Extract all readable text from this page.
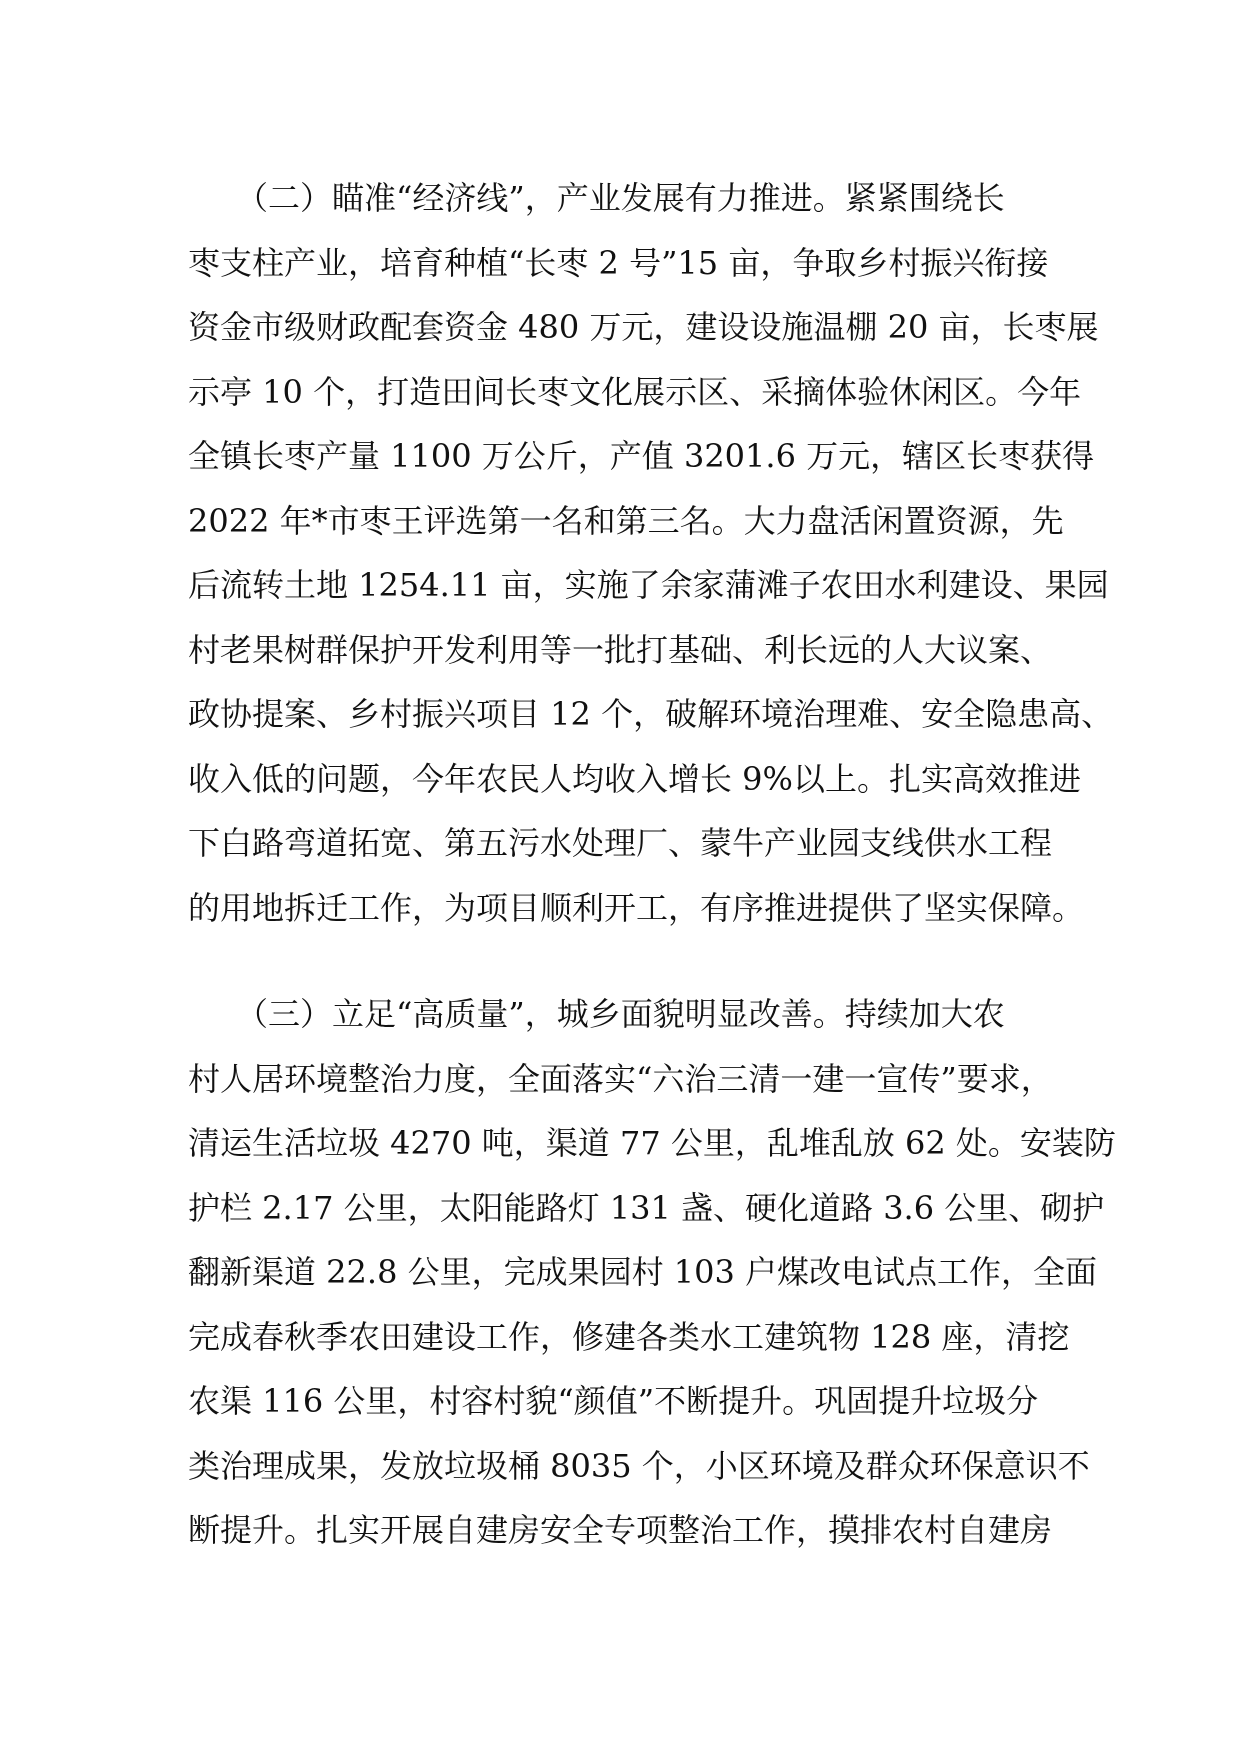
　　（二）瞄准“经济线”，产业发展有力推进。紧紧围绕长
枣支柱产业，培育种植“长枣 2 号”15 亩，争取乡村振兴衔接
资金市级财政配套资金 480 万元，建设设施温棚 20 亩，长枣展
示亭 10 个，打造田间长枣文化展示区、采摘体验休闲区。今年
全镇长枣产量 1100 万公斤，产值 3201.6 万元，辖区长枣获得
2022 年*市枣王评选第一名和第三名。大力盘活闲置资源，先
后流转土地 1254.11 亩，实施了余家蒲滩子农田水利建设、果园
村老果树群保护开发利用等一批打基础、利长远的人大议案、
政协提案、乡村振兴项目 12 个，破解环境治理难、安全隐患高、
收入低的问题，今年农民人均收入增长 9%以上。扎实高效推进
下白路弯道拓宽、第五污水处理厂、蒙牛产业园支线供水工程
的用地拆迁工作，为项目顺利开工，有序推进提供了坚实保障。
　　（三）立足“高质量”，城乡面貌明显改善。持续加大农
村人居环境整治力度，全面落实“六治三清一建一宣传”要求，
清运生活垃圾 4270 吨，渠道 77 公里，乱堆乱放 62 处。安装防
护栏 2.17 公里，太阳能路灯 131 盏、硬化道路 3.6 公里、砌护
翻新渠道 22.8 公里，完成果园村 103 户煤改电试点工作，全面
完成春秋季农田建设工作，修建各类水工建筑物 128 座，清挖
农渠 116 公里，村容村貌“颜值”不断提升。巩固提升垃圾分
类治理成果，发放垃圾桶 8035 个，小区环境及群众环保意识不
断提升。扎实开展自建房安全专项整治工作，摸排农村自建房
